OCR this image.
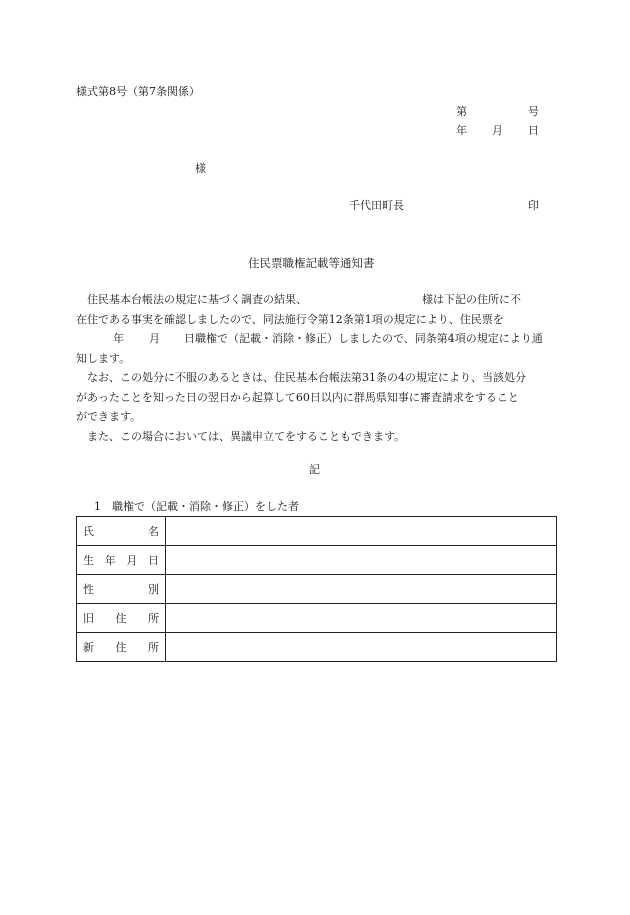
様式第8号（第7条関係）
第	号
年 月 日
様
千代田町長	印
住民票職権記載等通知書
住民基本台帳法の規定に基づく調査の結果、	様は下記の住所に不
在住である事実を確認しましたので、同法施行令第12条第1項の規定により、住民票を
年 月 日職権で（記載・消除・修正）しましたので、同条第4項の規定により通
知します。
なお、この処分に不服のあるときは、住民基本台帳法第31条の4の規定により、当該処分
があったことを知った日の翌日から起算して60日以内に群馬県知事に審査請求をすること
ができます。
また、この場合においては、異議申立てをすることもできます。
記
1　職権で（記載・消除・修正）をした者
氏 名	

生 年 月 日	

性 別	

旧 住 所	

新 住 所	
